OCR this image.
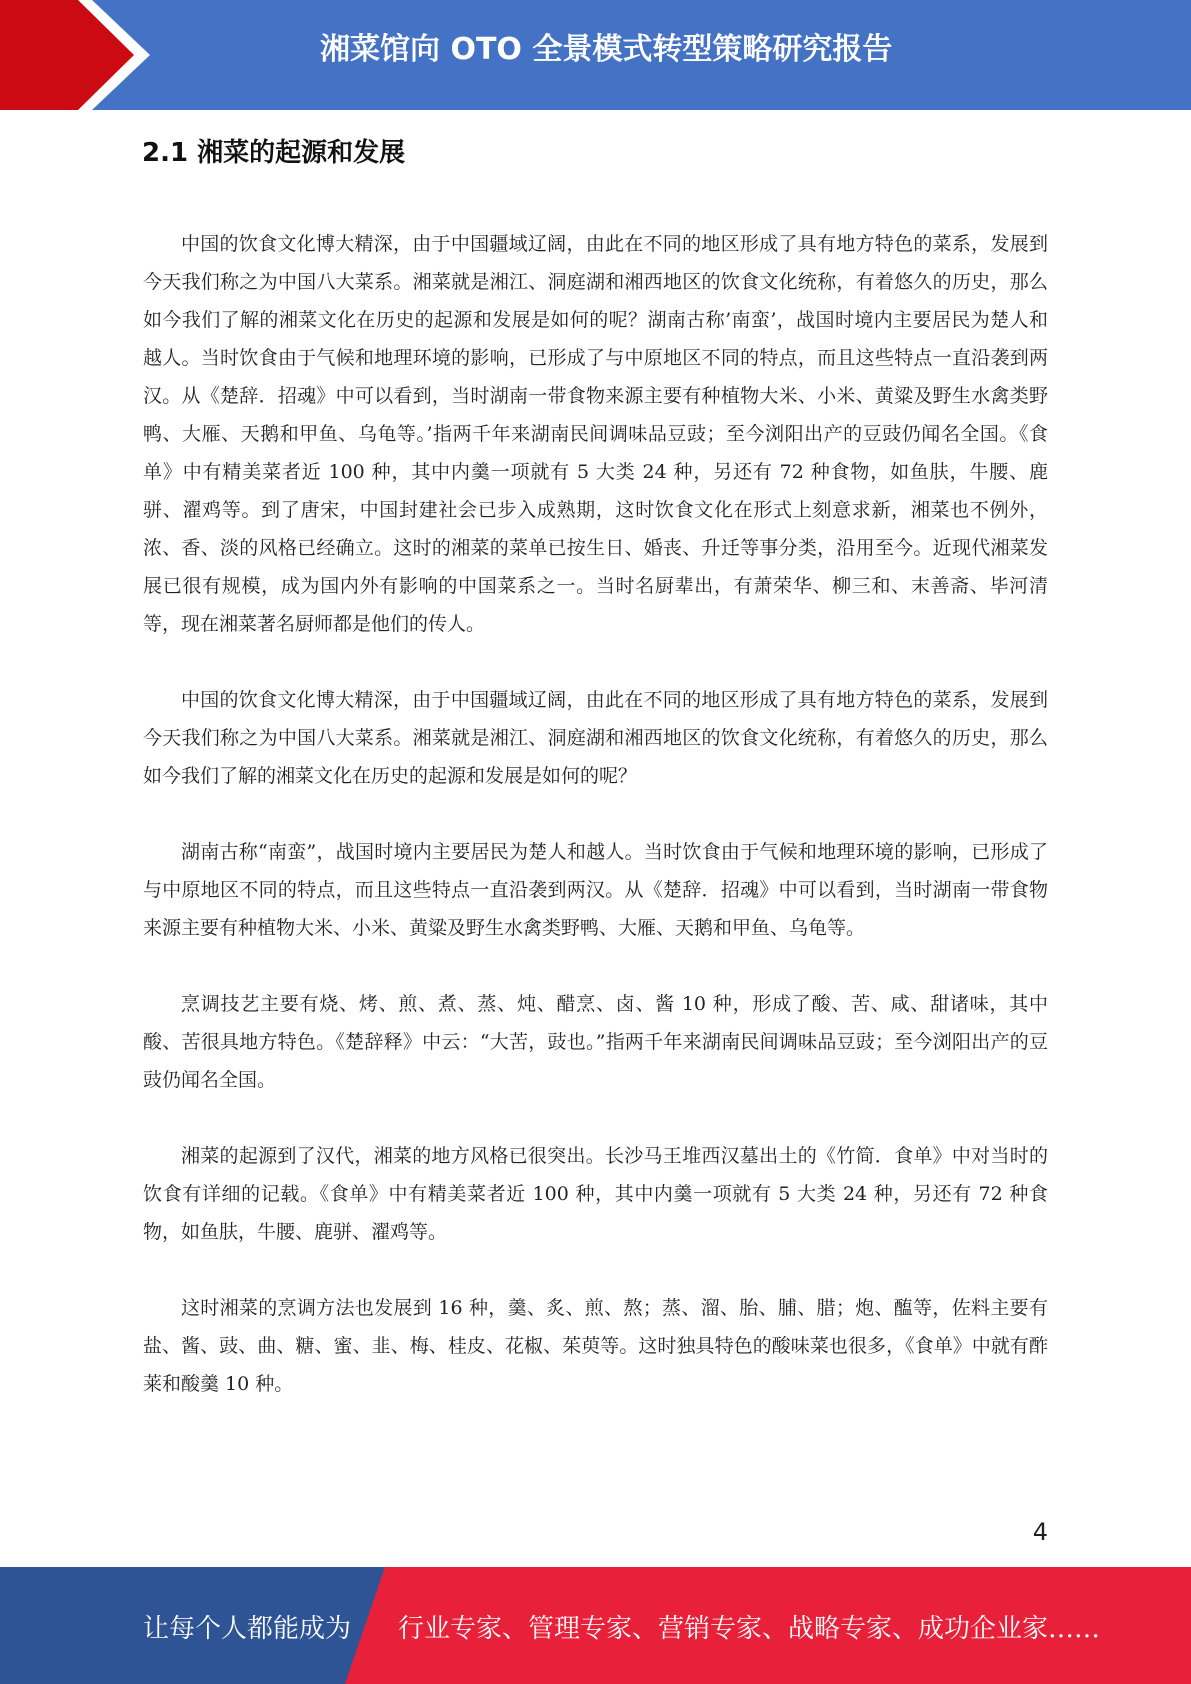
湘菜馆向 OTO 全景模式转型策略研究报告
2.1 湘菜的起源和发展

中国的饮食文化博大精深，由于中国疆域辽阔，由此在不同的地区形成了具有地方特色的菜系，发展到今天我们称之为中国八大菜系。湘菜就是湘江、洞庭湖和湘西地区的饮食文化统称，有着悠久的历史，那么如今我们了解的湘菜文化在历史的起源和发展是如何的呢？湖南古称’南蛮’，战国时境内主要居民为楚人和越人。当时饮食由于气候和地理环境的影响，已形成了与中原地区不同的特点，而且这些特点一直沿袭到两汉。从《楚辞．招魂》中可以看到，当时湖南一带食物来源主要有种植物大米、小米、黄粱及野生水禽类野鸭、大雁、天鹅和甲鱼、乌龟等。’指两千年来湖南民间调味品豆豉；至今浏阳出产的豆豉仍闻名全国。《食单》中有精美菜者近 100 种，其中内羹一项就有 5 大类 24 种，另还有 72 种食物，如鱼肤，牛腰、鹿骈、濯鸡等。到了唐宋，中国封建社会已步入成熟期，这时饮食文化在形式上刻意求新，湘菜也不例外，浓、香、淡的风格已经确立。这时的湘菜的菜单已按生日、婚丧、升迁等事分类，沿用至今。近现代湘菜发展已很有规模，成为国内外有影响的中国菜系之一。当时名厨辈出，有萧荣华、柳三和、末善斋、毕河清等，现在湘菜著名厨师都是他们的传人。

中国的饮食文化博大精深，由于中国疆域辽阔，由此在不同的地区形成了具有地方特色的菜系，发展到今天我们称之为中国八大菜系。湘菜就是湘江、洞庭湖和湘西地区的饮食文化统称，有着悠久的历史，那么如今我们了解的湘菜文化在历史的起源和发展是如何的呢？

湖南古称“南蛮”，战国时境内主要居民为楚人和越人。当时饮食由于气候和地理环境的影响，已形成了与中原地区不同的特点，而且这些特点一直沿袭到两汉。从《楚辞．招魂》中可以看到，当时湖南一带食物来源主要有种植物大米、小米、黄粱及野生水禽类野鸭、大雁、天鹅和甲鱼、乌龟等。

烹调技艺主要有烧、烤、煎、煮、蒸、炖、醋烹、卤、酱 10 种，形成了酸、苦、咸、甜诸味，其中酸、苦很具地方特色。《楚辞释》中云：“大苦，豉也。”指两千年来湖南民间调味品豆豉；至今浏阳出产的豆豉仍闻名全国。

湘菜的起源到了汉代，湘菜的地方风格已很突出。长沙马王堆西汉墓出土的《竹简．食单》中对当时的饮食有详细的记载。《食单》中有精美菜者近 100 种，其中内羹一项就有 5 大类 24 种，另还有 72 种食物，如鱼肤，牛腰、鹿骈、濯鸡等。

这时湘菜的烹调方法也发展到 16 种，羹、炙、煎、熬；蒸、溜、胎、脯、腊；炮、醢等，佐料主要有盐、酱、豉、曲、糖、蜜、韭、梅、桂皮、花椒、茱萸等。这时独具特色的酸味菜也很多，《食单》中就有酢莱和酸羹 10 种。

4
让每个人都能成为 行业专家、管理专家、营销专家、战略专家、成功企业家……
